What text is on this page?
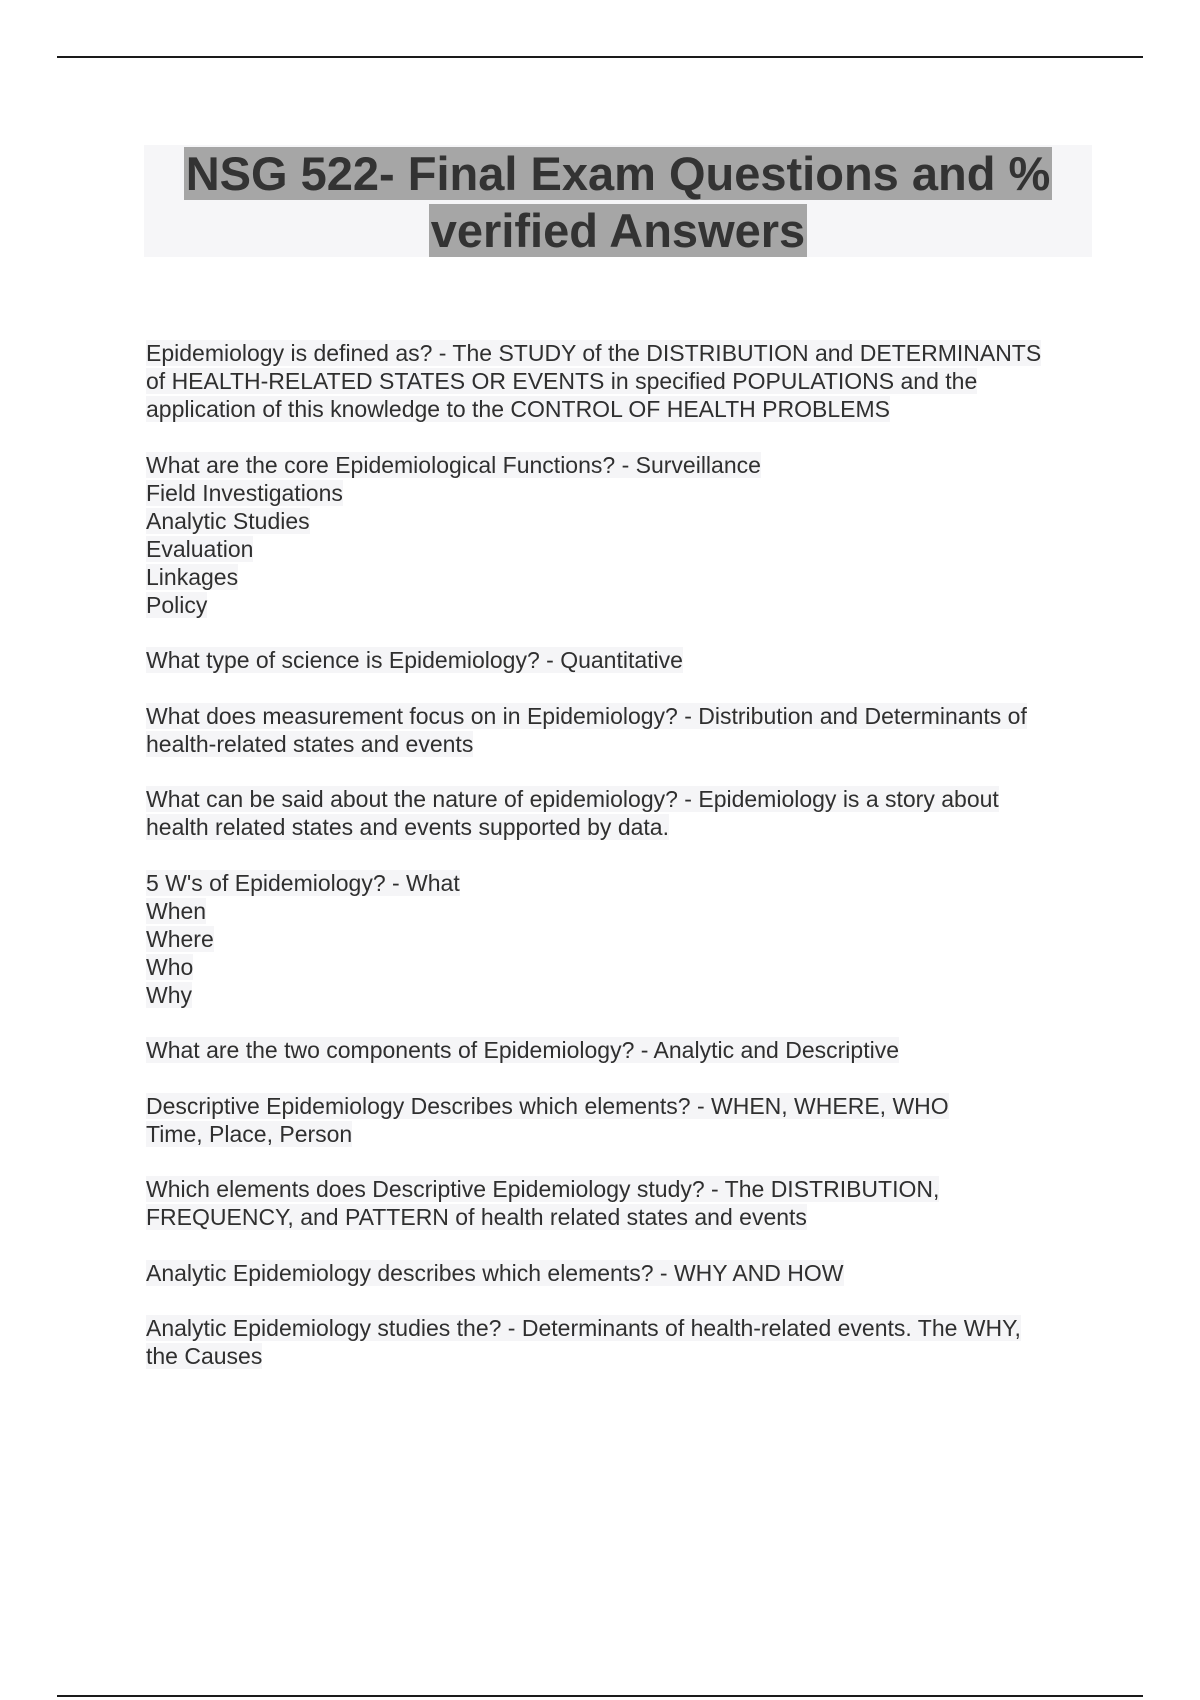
NSG 522- Final Exam Questions and % verified Answers
Epidemiology is defined as? - The STUDY of the DISTRIBUTION and DETERMINANTS
of HEALTH-RELATED STATES OR EVENTS in specified POPULATIONS and the
application of this knowledge to the CONTROL OF HEALTH PROBLEMS
What are the core Epidemiological Functions? - Surveillance
Field Investigations
Analytic Studies
Evaluation
Linkages
Policy
What type of science is Epidemiology? - Quantitative
What does measurement focus on in Epidemiology? - Distribution and Determinants of
health-related states and events
What can be said about the nature of epidemiology? - Epidemiology is a story about
health related states and events supported by data.
5 W's of Epidemiology? - What
When
Where
Who
Why
What are the two components of Epidemiology? - Analytic and Descriptive
Descriptive Epidemiology Describes which elements? - WHEN, WHERE, WHO
Time, Place, Person
Which elements does Descriptive Epidemiology study? - The DISTRIBUTION,
FREQUENCY, and PATTERN of health related states and events
Analytic Epidemiology describes which elements? - WHY AND HOW
Analytic Epidemiology studies the? - Determinants of health-related events. The WHY,
the Causes
